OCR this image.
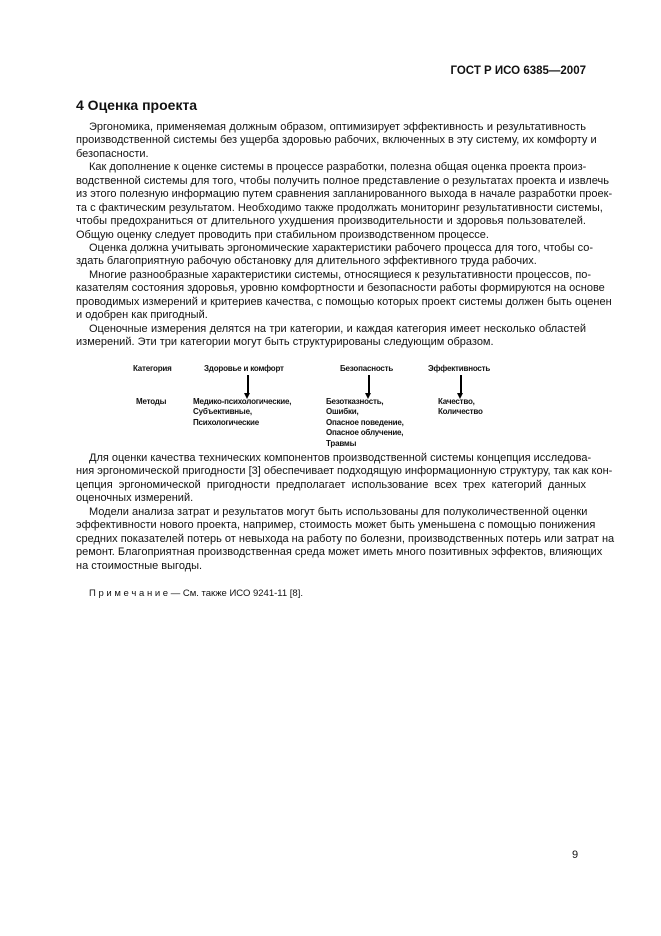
ГОСТ Р ИСО 6385—2007
4 Оценка проекта
Эргономика, применяемая должным образом, оптимизирует эффективность и результативность
производственной системы без ущерба здоровью рабочих, включенных в эту систему, их комфорту и
безопасности.
Как дополнение к оценке системы в процессе разработки, полезна общая оценка проекта произ-
водственной системы для того, чтобы получить полное представление о результатах проекта и извлечь
из этого полезную информацию путем сравнения запланированного выхода в начале разработки проек-
та с фактическим результатом. Необходимо также продолжать мониторинг результативности системы,
чтобы предохраниться от длительного ухудшения производительности и здоровья пользователей.
Общую оценку следует проводить при стабильном производственном процессе.
Оценка должна учитывать эргономические характеристики рабочего процесса для того, чтобы со-
здать благоприятную рабочую обстановку для длительного эффективного труда рабочих.
Многие разнообразные характеристики системы, относящиеся к результативности процессов, по-
казателям состояния здоровья, уровню комфортности и безопасности работы формируются на основе
проводимых измерений и критериев качества, с помощью которых проект системы должен быть оценен
и одобрен как пригодный.
Оценочные измерения делятся на три категории, и каждая категория имеет несколько областей
измерений. Эти три категории могут быть структурированы следующим образом.
Категория
Методы
Здоровье и комфорт
Медико-психологические,
Субъективные,
Психологические
Безопасность
Безотказность,
Ошибки,
Опасное поведение,
Опасное облучение,
Травмы
Эффективность
Качество,
Количество
Для оценки качества технических компонентов производственной системы концепция исследова-
ния эргономической пригодности [3] обеспечивает подходящую информационную структуру, так как кон-
цепция эргономической пригодности предполагает использование всех трех категорий данных
оценочных измерений.
Модели анализа затрат и результатов могут быть использованы для полуколичественной оценки
эффективности нового проекта, например, стоимость может быть уменьшена с помощью понижения
средних показателей потерь от невыхода на работу по болезни, производственных потерь или затрат на
ремонт. Благоприятная производственная среда может иметь много позитивных эффектов, влияющих
на стоимостные выгоды.
П р и м е ч а н и е — См. также ИСО 9241-11 [8].
9
